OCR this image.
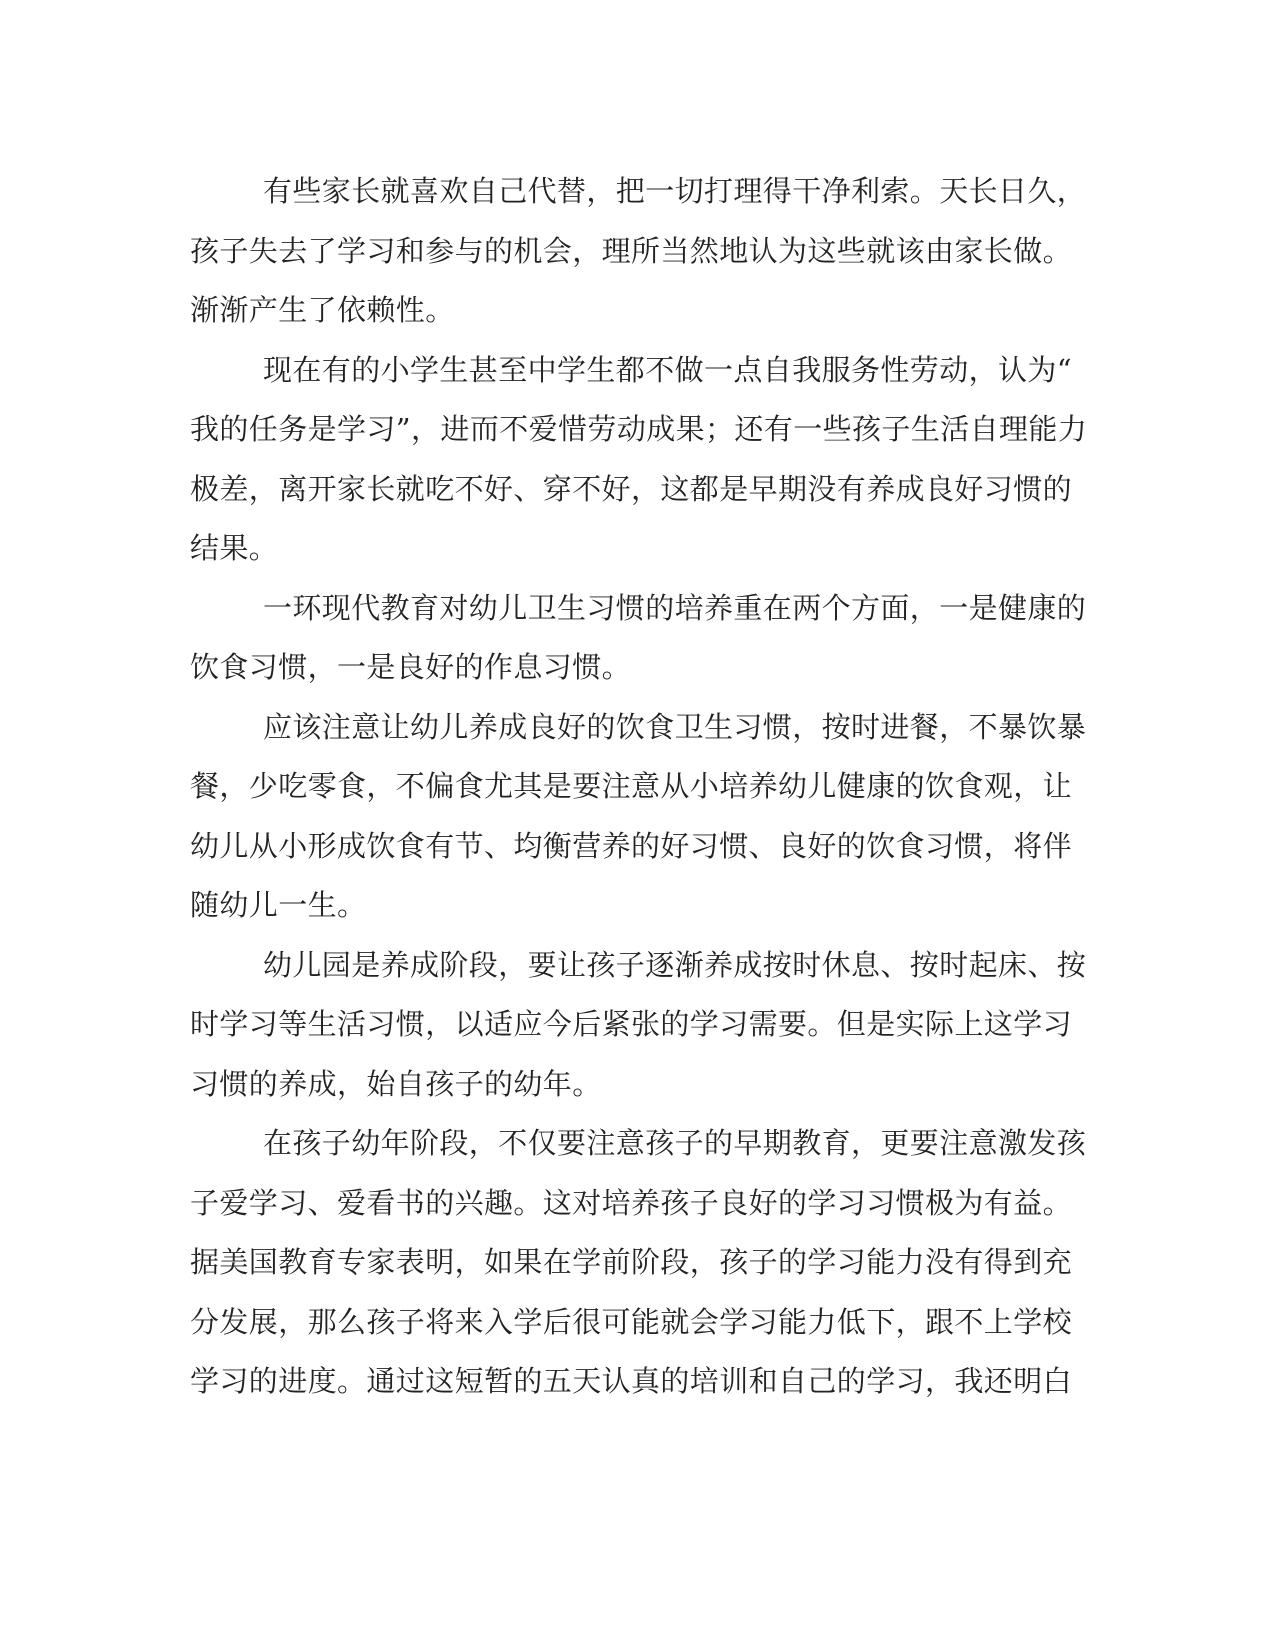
有些家长就喜欢自己代替，把一切打理得干净利索。天长日久，
孩子失去了学习和参与的机会，理所当然地认为这些就该由家长做。
渐渐产生了依赖性。
现在有的小学生甚至中学生都不做一点自我服务性劳动，认为“
我的任务是学习”，进而不爱惜劳动成果；还有一些孩子生活自理能力
极差，离开家长就吃不好、穿不好，这都是早期没有养成良好习惯的
结果。
一环现代教育对幼儿卫生习惯的培养重在两个方面，一是健康的
饮食习惯，一是良好的作息习惯。
应该注意让幼儿养成良好的饮食卫生习惯，按时进餐，不暴饮暴
餐，少吃零食，不偏食尤其是要注意从小培养幼儿健康的饮食观，让
幼儿从小形成饮食有节、均衡营养的好习惯、良好的饮食习惯，将伴
随幼儿一生。
幼儿园是养成阶段，要让孩子逐渐养成按时休息、按时起床、按
时学习等生活习惯，以适应今后紧张的学习需要。但是实际上这学习
习惯的养成，始自孩子的幼年。
在孩子幼年阶段，不仅要注意孩子的早期教育，更要注意激发孩
子爱学习、爱看书的兴趣。这对培养孩子良好的学习习惯极为有益。
据美国教育专家表明，如果在学前阶段，孩子的学习能力没有得到充
分发展，那么孩子将来入学后很可能就会学习能力低下，跟不上学校
学习的进度。通过这短暂的五天认真的培训和自己的学习，我还明白
